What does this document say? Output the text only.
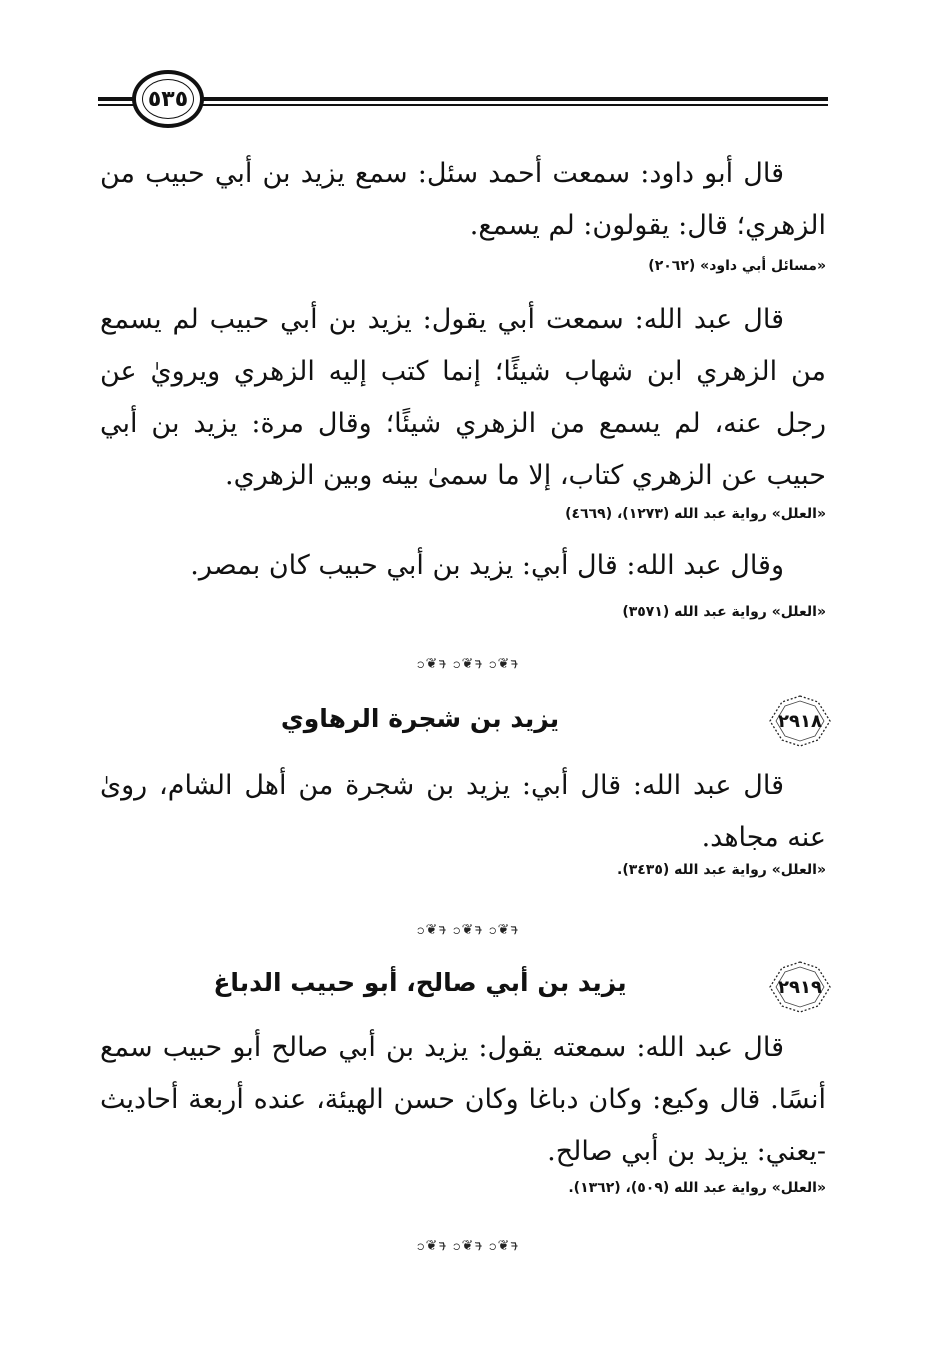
٥٣٥

قال أبو داود: سمعت أحمد سئل: سمع يزيد بن أبي حبيب من الزهري؛ قال: يقولون: لم يسمع.

«مسائل أبي داود» (٢٠٦٢)

قال عبد الله: سمعت أبي يقول: يزيد بن أبي حبيب لم يسمع من الزهري ابن شهاب شيئًا؛ إنما كتب إليه الزهري ويرويٰ عن رجل عنه، لم يسمع من الزهري شيئًا؛ وقال مرة: يزيد بن أبي حبيب عن الزهري كتاب، إلا ما سمىٰ بينه وبين الزهري.

«العلل» رواية عبد الله (١٢٧٣)، (٤٦٦٩)

وقال عبد الله: قال أبي: يزيد بن أبي حبيب كان بمصر.

«العلل» رواية عبد الله (٣٥٧١)
ၥ❦ᱍ ၥ❦ᱍ ၥ❦ᱍ
٢٩١٨
يزيد بن شجرة الرهاوي

قال عبد الله: قال أبي: يزيد بن شجرة من أهل الشام، رویٰ عنه مجاهد.

«العلل» رواية عبد الله (٣٤٣٥).
ၥ❦ᱍ ၥ❦ᱍ ၥ❦ᱍ
٢٩١٩
يزيد بن أبي صالح، أبو حبيب الدباغ

قال عبد الله: سمعته يقول: يزيد بن أبي صالح أبو حبيب سمع أنسًا. قال وكيع: وكان دباغا وكان حسن الهيئة، عنده أربعة أحاديث -يعني: يزيد بن أبي صالح.

«العلل» رواية عبد الله (٥٠٩)، (١٣٦٢).
ၥ❦ᱍ ၥ❦ᱍ ၥ❦ᱍ
